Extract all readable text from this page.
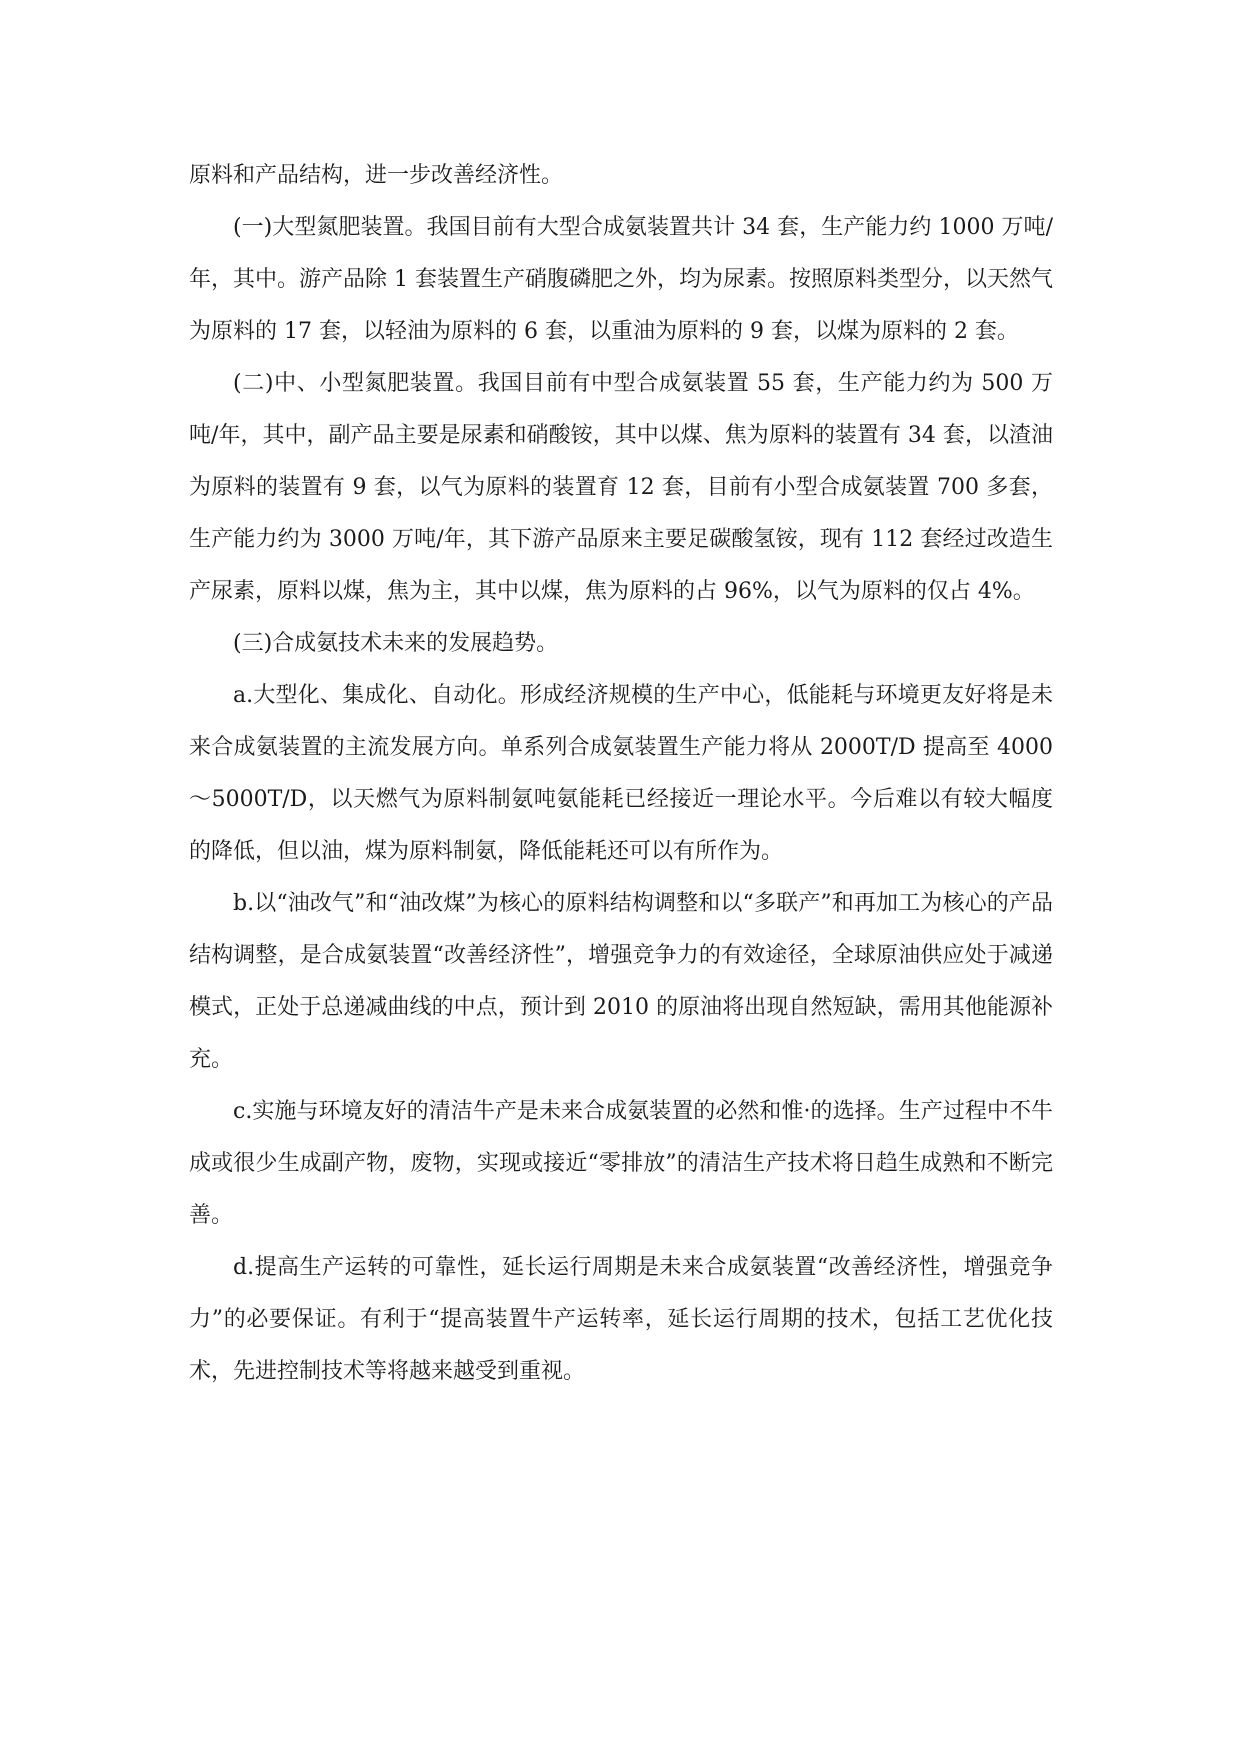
原料和产品结构，进一步改善经济性。

(一)大型氮肥装置。我国目前有大型合成氨装置共计 34 套，生产能力约 1000 万吨/年，其中。游产品除 1 套装置生产硝腹磷肥之外，均为尿素。按照原料类型分，以天然气为原料的 17 套，以轻油为原料的 6 套，以重油为原料的 9 套，以煤为原料的 2 套。

(二)中、小型氮肥装置。我国目前有中型合成氨装置 55 套，生产能力约为 500 万吨/年，其中，副产品主要是尿素和硝酸铵，其中以煤、焦为原料的装置有 34 套，以渣油为原料的装置有 9 套，以气为原料的装置育 12 套，目前有小型合成氨装置 700 多套，生产能力约为 3000 万吨/年，其下游产品原来主要足碳酸氢铵，现有 112 套经过改造生产尿素，原料以煤，焦为主，其中以煤，焦为原料的占 96%，以气为原料的仅占 4%。

(三)合成氨技术未来的发展趋势。

a.大型化、集成化、自动化。形成经济规模的生产中心，低能耗与环境更友好将是未来合成氨装置的主流发展方向。单系列合成氨装置生产能力将从 2000T/D 提高至 4000～5000T/D，以天燃气为原料制氨吨氨能耗已经接近一理论水平。今后难以有较大幅度的降低，但以油，煤为原料制氨，降低能耗还可以有所作为。

b.以“油改气”和“油改煤”为核心的原料结构调整和以“多联产”和再加工为核心的产品结构调整，是合成氨装置“改善经济性”，增强竞争力的有效途径，全球原油供应处于减递模式，正处于总递减曲线的中点，预计到 2010 的原油将出现自然短缺，需用其他能源补充。

c.实施与环境友好的清洁牛产是未来合成氨装置的必然和惟·的选择。生产过程中不牛成或很少生成副产物，废物，实现或接近“零排放”的清洁生产技术将日趋生成熟和不断完善。

d.提高生产运转的可靠性，延长运行周期是未来合成氨装置“改善经济性，增强竞争力”的必要保证。有利于“提高装置牛产运转率，延长运行周期的技术，包括工艺优化技术，先进控制技术等将越来越受到重视。
